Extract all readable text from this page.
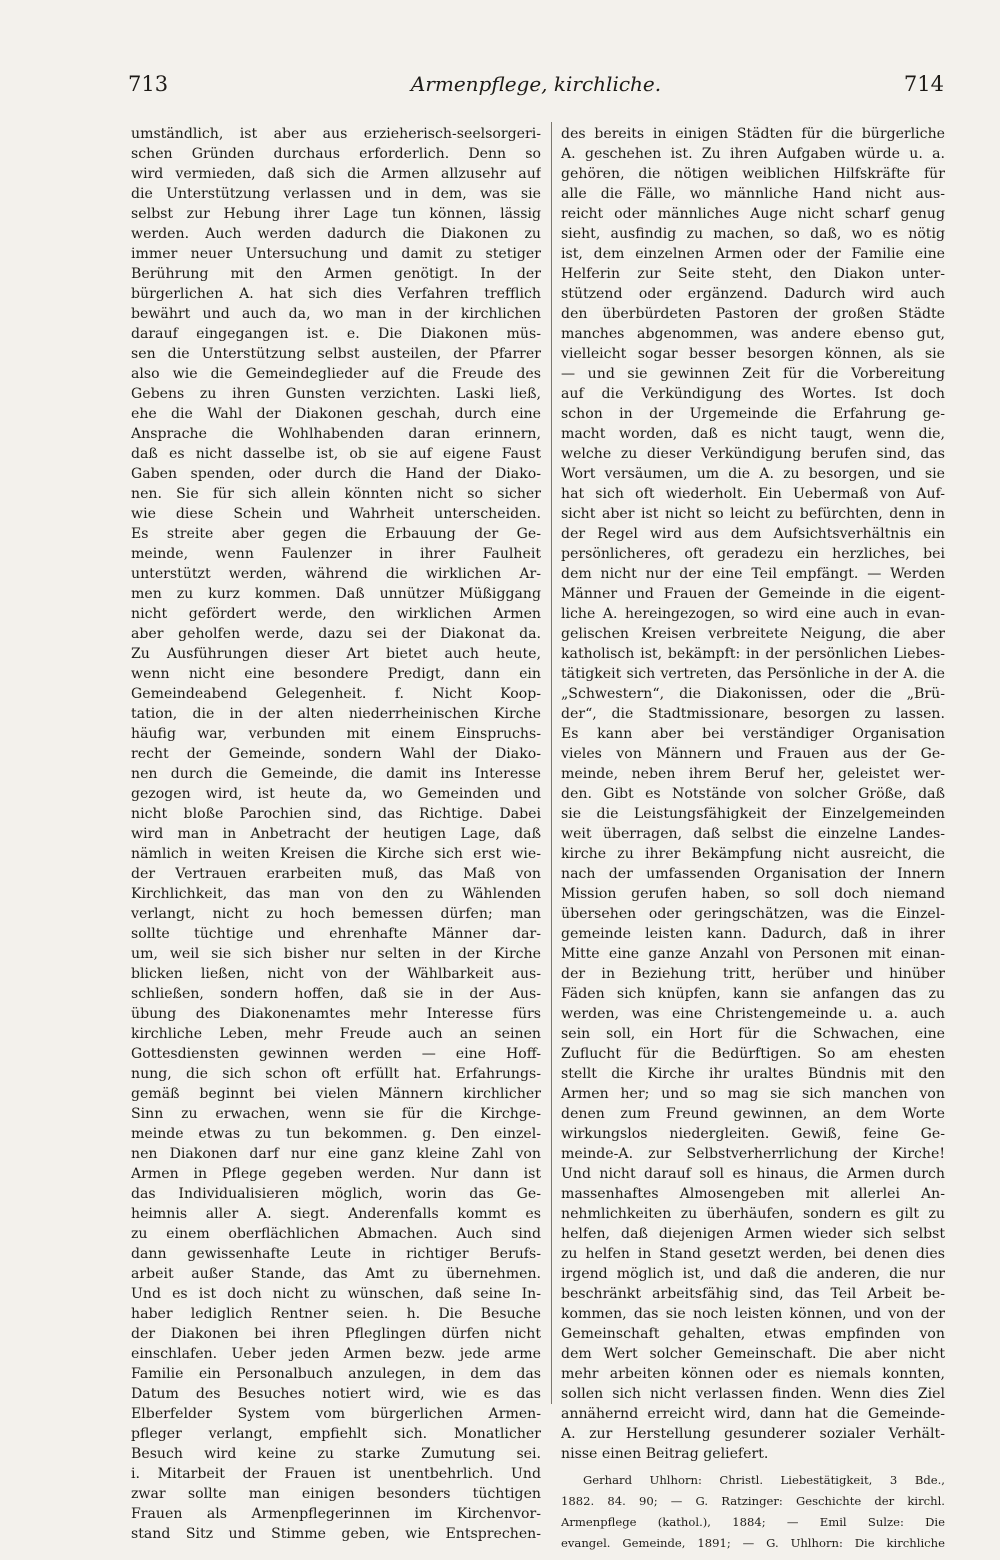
713	Armenpflege, kirchliche.	714
umständlich, ist aber aus erzieherisch-seelsorgeri-
schen Gründen durchaus erforderlich. Denn so
wird vermieden, daß sich die Armen allzusehr auf
die Unterstützung verlassen und in dem, was sie
selbst zur Hebung ihrer Lage tun können, lässig
werden. Auch werden dadurch die Diakonen zu
immer neuer Untersuchung und damit zu stetiger
Berührung mit den Armen genötigt. In der
bürgerlichen A. hat sich dies Verfahren trefflich
bewährt und auch da, wo man in der kirchlichen
darauf eingegangen ist. e. Die Diakonen müs-
sen die Unterstützung selbst austeilen, der Pfarrer
also wie die Gemeindeglieder auf die Freude des
Gebens zu ihren Gunsten verzichten. Laski ließ,
ehe die Wahl der Diakonen geschah, durch eine
Ansprache die Wohlhabenden daran erinnern,
daß es nicht dasselbe ist, ob sie auf eigene Faust
Gaben spenden, oder durch die Hand der Diako-
nen. Sie für sich allein könnten nicht so sicher
wie diese Schein und Wahrheit unterscheiden.
Es streite aber gegen die Erbauung der Ge-
meinde, wenn Faulenzer in ihrer Faulheit
unterstützt werden, während die wirklichen Ar-
men zu kurz kommen. Daß unnützer Müßiggang
nicht gefördert werde, den wirklichen Armen
aber geholfen werde, dazu sei der Diakonat da.
Zu Ausführungen dieser Art bietet auch heute,
wenn nicht eine besondere Predigt, dann ein
Gemeindeabend Gelegenheit. f. Nicht Koop-
tation, die in der alten niederrheinischen Kirche
häufig war, verbunden mit einem Einspruchs-
recht der Gemeinde, sondern Wahl der Diako-
nen durch die Gemeinde, die damit ins Interesse
gezogen wird, ist heute da, wo Gemeinden und
nicht bloße Parochien sind, das Richtige. Dabei
wird man in Anbetracht der heutigen Lage, daß
nämlich in weiten Kreisen die Kirche sich erst wie-
der Vertrauen erarbeiten muß, das Maß von
Kirchlichkeit, das man von den zu Wählenden
verlangt, nicht zu hoch bemessen dürfen; man
sollte tüchtige und ehrenhafte Männer dar-
um, weil sie sich bisher nur selten in der Kirche
blicken ließen, nicht von der Wählbarkeit aus-
schließen, sondern hoffen, daß sie in der Aus-
übung des Diakonenamtes mehr Interesse fürs
kirchliche Leben, mehr Freude auch an seinen
Gottesdiensten gewinnen werden — eine Hoff-
nung, die sich schon oft erfüllt hat. Erfahrungs-
gemäß beginnt bei vielen Männern kirchlicher
Sinn zu erwachen, wenn sie für die Kirchge-
meinde etwas zu tun bekommen. g. Den einzel-
nen Diakonen darf nur eine ganz kleine Zahl von
Armen in Pflege gegeben werden. Nur dann ist
das Individualisieren möglich, worin das Ge-
heimnis aller A. siegt. Anderenfalls kommt es
zu einem oberflächlichen Abmachen. Auch sind
dann gewissenhafte Leute in richtiger Berufs-
arbeit außer Stande, das Amt zu übernehmen.
Und es ist doch nicht zu wünschen, daß seine In-
haber lediglich Rentner seien. h. Die Besuche
der Diakonen bei ihren Pfleglingen dürfen nicht
einschlafen. Ueber jeden Armen bezw. jede arme
Familie ein Personalbuch anzulegen, in dem das
Datum des Besuches notiert wird, wie es das
Elberfelder System vom bürgerlichen Armen-
pfleger verlangt, empfiehlt sich. Monatlicher
Besuch wird keine zu starke Zumutung sei.
i. Mitarbeit der Frauen ist unentbehrlich. Und
zwar sollte man einigen besonders tüchtigen
Frauen als Armenpflegerinnen im Kirchenvor-
stand Sitz und Stimme geben, wie Entsprechen-
des bereits in einigen Städten für die bürgerliche
A. geschehen ist. Zu ihren Aufgaben würde u. a.
gehören, die nötigen weiblichen Hilfskräfte für
alle die Fälle, wo männliche Hand nicht aus-
reicht oder männliches Auge nicht scharf genug
sieht, ausfindig zu machen, so daß, wo es nötig
ist, dem einzelnen Armen oder der Familie eine
Helferin zur Seite steht, den Diakon unter-
stützend oder ergänzend. Dadurch wird auch
den überbürdeten Pastoren der großen Städte
manches abgenommen, was andere ebenso gut,
vielleicht sogar besser besorgen können, als sie
— und sie gewinnen Zeit für die Vorbereitung
auf die Verkündigung des Wortes. Ist doch
schon in der Urgemeinde die Erfahrung ge-
macht worden, daß es nicht taugt, wenn die,
welche zu dieser Verkündigung berufen sind, das
Wort versäumen, um die A. zu besorgen, und sie
hat sich oft wiederholt. Ein Uebermaß von Auf-
sicht aber ist nicht so leicht zu befürchten, denn in
der Regel wird aus dem Aufsichtsverhältnis ein
persönlicheres, oft geradezu ein herzliches, bei
dem nicht nur der eine Teil empfängt. — Werden
Männer und Frauen der Gemeinde in die eigent-
liche A. hereingezogen, so wird eine auch in evan-
gelischen Kreisen verbreitete Neigung, die aber
katholisch ist, bekämpft: in der persönlichen Liebes-
tätigkeit sich vertreten, das Persönliche in der A. die
„Schwestern“, die Diakonissen, oder die „Brü-
der“, die Stadtmissionare, besorgen zu lassen.
Es kann aber bei verständiger Organisation
vieles von Männern und Frauen aus der Ge-
meinde, neben ihrem Beruf her, geleistet wer-
den. Gibt es Notstände von solcher Größe, daß
sie die Leistungsfähigkeit der Einzelgemeinden
weit überragen, daß selbst die einzelne Landes-
kirche zu ihrer Bekämpfung nicht ausreicht, die
nach der umfassenden Organisation der Innern
Mission gerufen haben, so soll doch niemand
übersehen oder geringschätzen, was die Einzel-
gemeinde leisten kann. Dadurch, daß in ihrer
Mitte eine ganze Anzahl von Personen mit einan-
der in Beziehung tritt, herüber und hinüber
Fäden sich knüpfen, kann sie anfangen das zu
werden, was eine Christengemeinde u. a. auch
sein soll, ein Hort für die Schwachen, eine
Zuflucht für die Bedürftigen. So am ehesten
stellt die Kirche ihr uraltes Bündnis mit den
Armen her; und so mag sie sich manchen von
denen zum Freund gewinnen, an dem Worte
wirkungslos niedergleiten. Gewiß, feine Ge-
meinde-A. zur Selbstverherrlichung der Kirche!
Und nicht darauf soll es hinaus, die Armen durch
massenhaftes Almosengeben mit allerlei An-
nehmlichkeiten zu überhäufen, sondern es gilt zu
helfen, daß diejenigen Armen wieder sich selbst
zu helfen in Stand gesetzt werden, bei denen dies
irgend möglich ist, und daß die anderen, die nur
beschränkt arbeitsfähig sind, das Teil Arbeit be-
kommen, das sie noch leisten können, und von der
Gemeinschaft gehalten, etwas empfinden von
dem Wert solcher Gemeinschaft. Die aber nicht
mehr arbeiten können oder es niemals konnten,
sollen sich nicht verlassen finden. Wenn dies Ziel
annähernd erreicht wird, dann hat die Gemeinde-
A. zur Herstellung gesunderer sozialer Verhält-
nisse einen Beitrag geliefert.
Gerhard Uhlhorn: Christl. Liebestätigkeit, 3 Bde.,
1882. 84. 90; — G. Ratzinger: Geschichte der kirchl.
Armenpflege (kathol.), 1884; — Emil Sulze: Die
evangel. Gemeinde, 1891; — G. Uhlhorn: Die kirchliche
